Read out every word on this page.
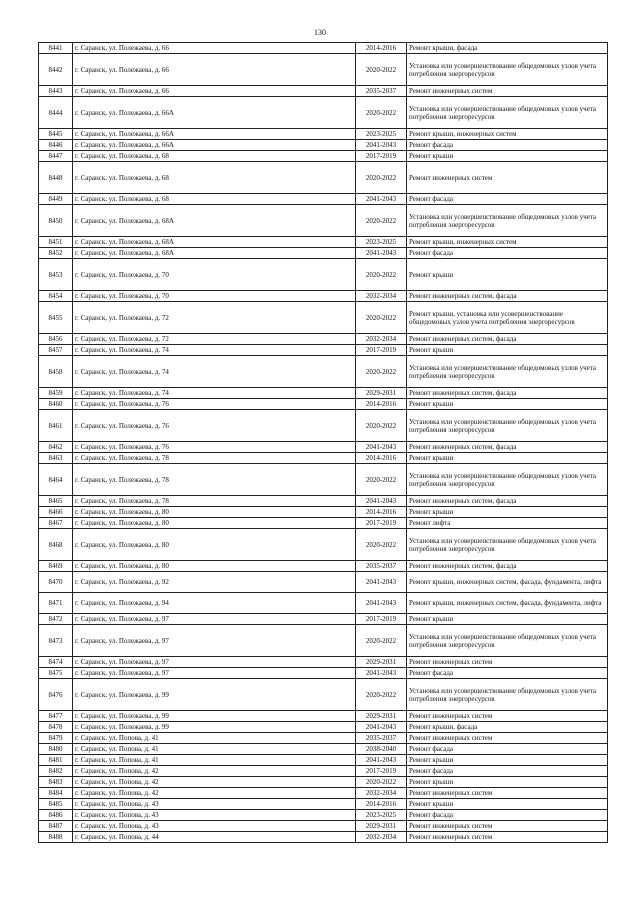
130
8441	г. Саранск, ул. Полежаева, д. 66	2014-2016	Ремонт крыши, фасада
8442	г. Саранск, ул. Полежаева, д. 66	2020-2022	Установка или усовершенствование общедомовых узлов учета потребления энергоресурсов
8443	г. Саранск, ул. Полежаева, д. 66	2035-2037	Ремонт инженерных систем
8444	г. Саранск, ул. Полежаева, д. 66А	2020-2022	Установка или усовершенствование общедомовых узлов учета потребления энергоресурсов
8445	г. Саранск, ул. Полежаева, д. 66А	2023-2025	Ремонт крыши, инженерных систем
8446	г. Саранск, ул. Полежаева, д. 66А	2041-2043	Ремонт фасада
8447	г. Саранск, ул. Полежаева, д. 68	2017-2019	Ремонт крыши
8448	г. Саранск, ул. Полежаева, д. 68	2020-2022	Ремонт инженерных систем
8449	г. Саранск, ул. Полежаева, д. 68	2041-2043	Ремонт фасада
8450	г. Саранск, ул. Полежаева, д. 68А	2020-2022	Установка или усовершенствование общедомовых узлов учета потребления энергоресурсов
8451	г. Саранск, ул. Полежаева, д. 68А	2023-2025	Ремонт крыши, инженерных систем
8452	г. Саранск, ул. Полежаева, д. 68А	2041-2043	Ремонт фасада
8453	г. Саранск, ул. Полежаева, д. 70	2020-2022	Ремонт крыши
8454	г. Саранск, ул. Полежаева, д. 70	2032-2034	Ремонт инженерных систем, фасада
8455	г. Саранск, ул. Полежаева, д. 72	2020-2022	Ремонт крыши, установка или усовершенствование общедомовых узлов учета потребления энергоресурсов
8456	г. Саранск, ул. Полежаева, д. 72	2032-2034	Ремонт инженерных систем, фасада
8457	г. Саранск, ул. Полежаева, д. 74	2017-2019	Ремонт крыши
8458	г. Саранск, ул. Полежаева, д. 74	2020-2022	Установка или усовершенствование общедомовых узлов учета потребления энергоресурсов
8459	г. Саранск, ул. Полежаева, д. 74	2029-2031	Ремонт инженерных систем, фасада
8460	г. Саранск, ул. Полежаева, д. 76	2014-2016	Ремонт крыши
8461	г. Саранск, ул. Полежаева, д. 76	2020-2022	Установка или усовершенствование общедомовых узлов учета потребления энергоресурсов
8462	г. Саранск, ул. Полежаева, д. 76	2041-2043	Ремонт инженерных систем, фасада
8463	г. Саранск, ул. Полежаева, д. 78	2014-2016	Ремонт крыши
8464	г. Саранск, ул. Полежаева, д. 78	2020-2022	Установка или усовершенствование общедомовых узлов учета потребления энергоресурсов
8465	г. Саранск, ул. Полежаева, д. 78	2041-2043	Ремонт инженерных систем, фасада
8466	г. Саранск, ул. Полежаева, д. 80	2014-2016	Ремонт крыши
8467	г. Саранск, ул. Полежаева, д. 80	2017-2019	Ремонт лифта
8468	г. Саранск, ул. Полежаева, д. 80	2020-2022	Установка или усовершенствование общедомовых узлов учета потребления энергоресурсов
8469	г. Саранск, ул. Полежаева, д. 80	2035-2037	Ремонт инженерных систем, фасада
8470	г. Саранск, ул. Полежаева, д. 92	2041-2043	Ремонт крыши, инженерных систем, фасада, фундамента, лифта
8471	г. Саранск, ул. Полежаева, д. 94	2041-2043	Ремонт крыши, инженерных систем, фасада, фундамента, лифта
8472	г. Саранск, ул. Полежаева, д. 97	2017-2019	Ремонт крыши
8473	г. Саранск, ул. Полежаева, д. 97	2020-2022	Установка или усовершенствование общедомовых узлов учета потребления энергоресурсов
8474	г. Саранск, ул. Полежаева, д. 97	2029-2031	Ремонт инженерных систем
8475	г. Саранск, ул. Полежаева, д. 97	2041-2043	Ремонт фасада
8476	г. Саранск, ул. Полежаева, д. 99	2020-2022	Установка или усовершенствование общедомовых узлов учета потребления энергоресурсов
8477	г. Саранск, ул. Полежаева, д. 99	2029-2031	Ремонт инженерных систем
8478	г. Саранск, ул. Полежаева, д. 99	2041-2043	Ремонт крыши, фасада
8479	г. Саранск, ул. Попова, д. 41	2035-2037	Ремонт инженерных систем
8480	г. Саранск, ул. Попова, д. 41	2038-2040	Ремонт фасада
8481	г. Саранск, ул. Попова, д. 41	2041-2043	Ремонт крыши
8482	г. Саранск, ул. Попова, д. 42	2017-2019	Ремонт фасада
8483	г. Саранск, ул. Попова, д. 42	2020-2022	Ремонт крыши
8484	г. Саранск, ул. Попова, д. 42	2032-2034	Ремонт инженерных систем
8485	г. Саранск, ул. Попова, д. 43	2014-2016	Ремонт крыши
8486	г. Саранск, ул. Попова, д. 43	2023-2025	Ремонт фасада
8487	г. Саранск, ул. Попова, д. 43	2029-2031	Ремонт инженерных систем
8488	г. Саранск, ул. Попова, д. 44	2032-2034	Ремонт инженерных систем
